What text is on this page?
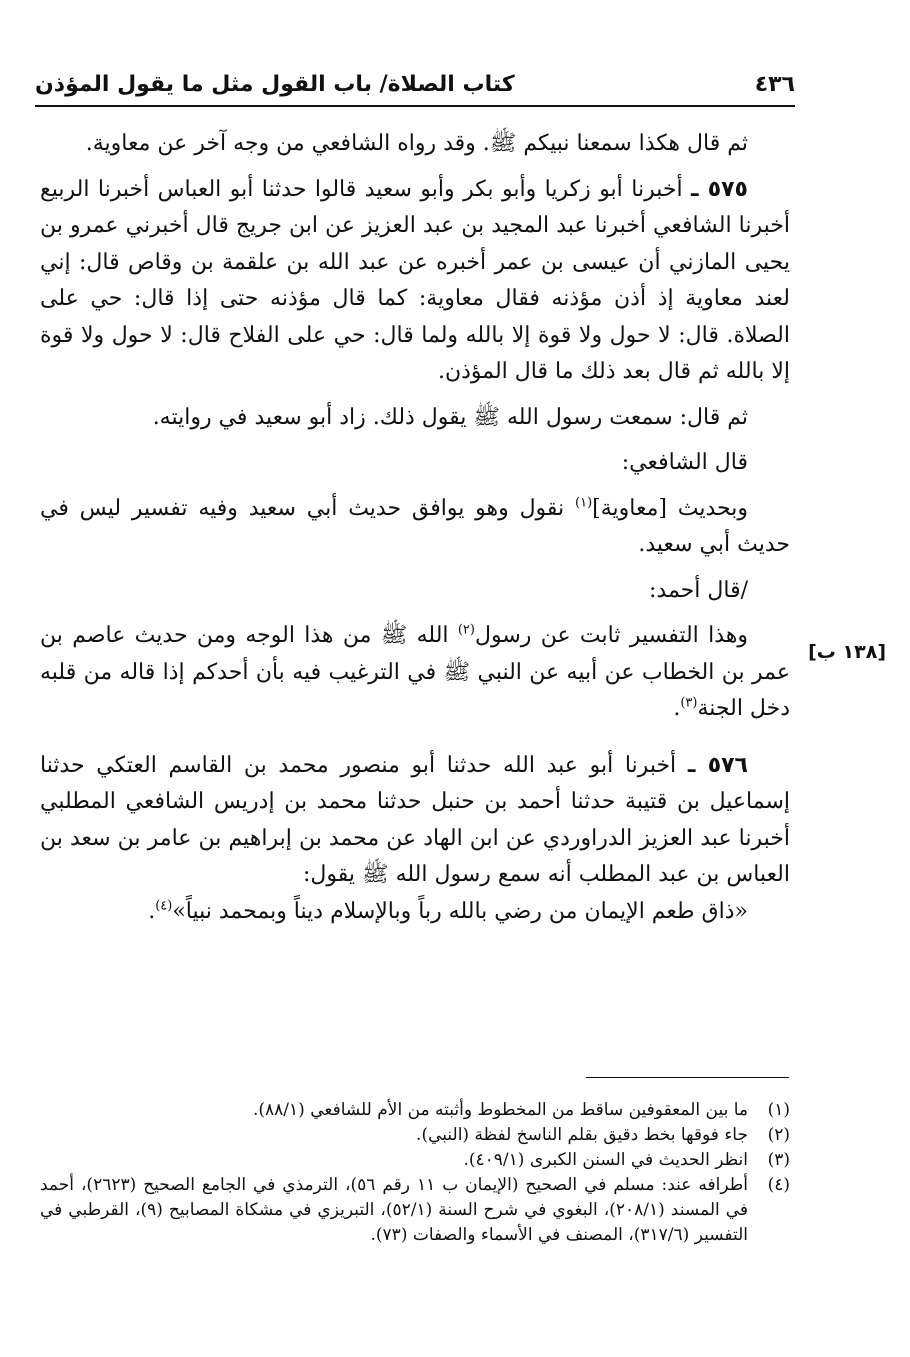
٤٣٦
كتاب الصلاة/ باب القول مثل ما يقول المؤذن
[١٣٨ ب]

ثم قال هكذا سمعنا نبيكم ﷺ. وقد رواه الشافعي من وجه آخر عن معاوية.

٥٧٥ ـ أخبرنا أبو زكريا وأبو بكر وأبو سعيد قالوا حدثنا أبو العباس أخبرنا الربيع أخبرنا الشافعي أخبرنا عبد المجيد بن عبد العزيز عن ابن جريج قال أخبرني عمرو بن يحيى المازني أن عيسى بن عمر أخبره عن عبد الله بن علقمة بن وقاص قال: إني لعند معاوية إذ أذن مؤذنه فقال معاوية: كما قال مؤذنه حتى إذا قال: حي على الصلاة. قال: لا حول ولا قوة إلا بالله ولما قال: حي على الفلاح قال: لا حول ولا قوة إلا بالله ثم قال بعد ذلك ما قال المؤذن.

ثم قال: سمعت رسول الله ﷺ يقول ذلك. زاد أبو سعيد في روايته.

قال الشافعي:

وبحديث [معاوية]$^{(١)}$ نقول وهو يوافق حديث أبي سعيد وفيه تفسير ليس في حديث أبي سعيد.

/قال أحمد:

وهذا التفسير ثابت عن رسول$^{(٢)}$ الله ﷺ من هذا الوجه ومن حديث عاصم بن عمر بن الخطاب عن أبيه عن النبي ﷺ في الترغيب فيه بأن أحدكم إذا قاله من قلبه دخل الجنة$^{(٣)}$.

٥٧٦ ـ أخبرنا أبو عبد الله حدثنا أبو منصور محمد بن القاسم العتكي حدثنا إسماعيل بن قتيبة حدثنا أحمد بن حنبل حدثنا محمد بن إدريس الشافعي المطلبي أخبرنا عبد العزيز الدراوردي عن ابن الهاد عن محمد بن إبراهيم بن عامر بن سعد بن العباس بن عبد المطلب أنه سمع رسول الله ﷺ يقول:

«ذاق طعم الإيمان من رضي بالله رباً وبالإسلام ديناً وبمحمد نبياً»$^{(٤)}$.

(١)
ما بين المعقوفين ساقط من المخطوط وأثبته من الأم للشافعي (٨٨/١).
(٢)
جاء فوقها بخط دقيق بقلم الناسخ لفظة (النبي).
(٣)
انظر الحديث في السنن الكبرى (٤٠٩/١).
(٤)
أطرافه عند: مسلم في الصحيح (الإيمان ب ١١ رقم ٥٦)، الترمذي في الجامع الصحيح (٢٦٢٣)، أحمد في المسند (٢٠٨/١)، البغوي في شرح السنة (٥٢/١)، التبريزي في مشكاة المصابيح (٩)، القرطبي في التفسير (٣١٧/٦)، المصنف في الأسماء والصفات (٧٣).
